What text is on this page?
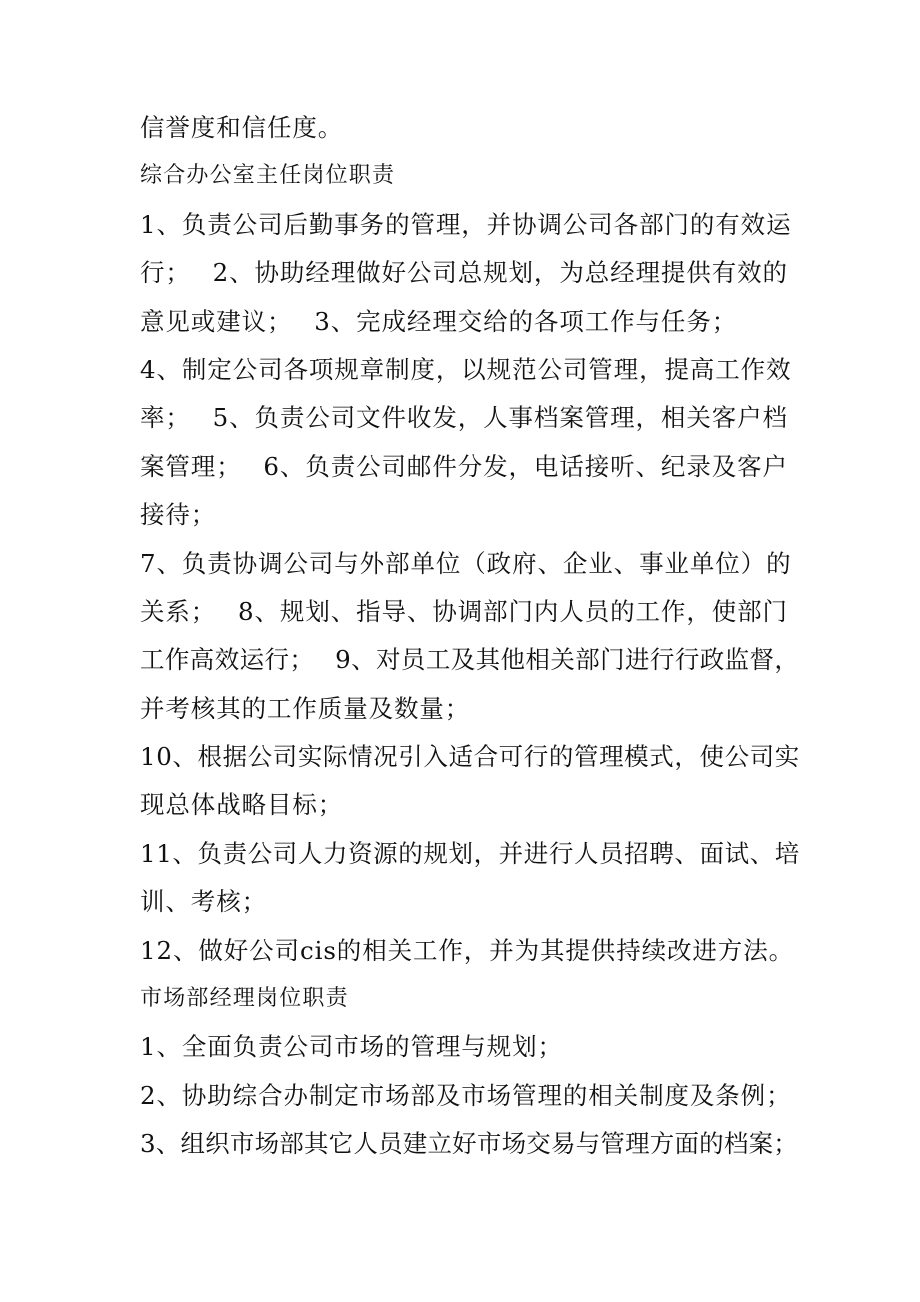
信誉度和信任度。

综合办公室主任岗位职责

1、负责公司后勤事务的管理，并协调公司各部门的有效运

行；　 2、协助经理做好公司总规划，为总经理提供有效的

意见或建议；　 3、完成经理交给的各项工作与任务；

4、制定公司各项规章制度，以规范公司管理，提高工作效

率；　 5、负责公司文件收发，人事档案管理，相关客户档

案管理；　 6、负责公司邮件分发，电话接听、纪录及客户

接待；

7、负责协调公司与外部单位（政府、企业、事业单位）的

关系；　 8、规划、指导、协调部门内人员的工作，使部门

工作高效运行；　 9、对员工及其他相关部门进行行政监督，

并考核其的工作质量及数量；

10、根据公司实际情况引入适合可行的管理模式，使公司实

现总体战略目标；

11、负责公司人力资源的规划，并进行人员招聘、面试、培

训、考核；

12、做好公司cis的相关工作，并为其提供持续改进方法。

市场部经理岗位职责

1、全面负责公司市场的管理与规划；

2、协助综合办制定市场部及市场管理的相关制度及条例；

3、组织市场部其它人员建立好市场交易与管理方面的档案；
